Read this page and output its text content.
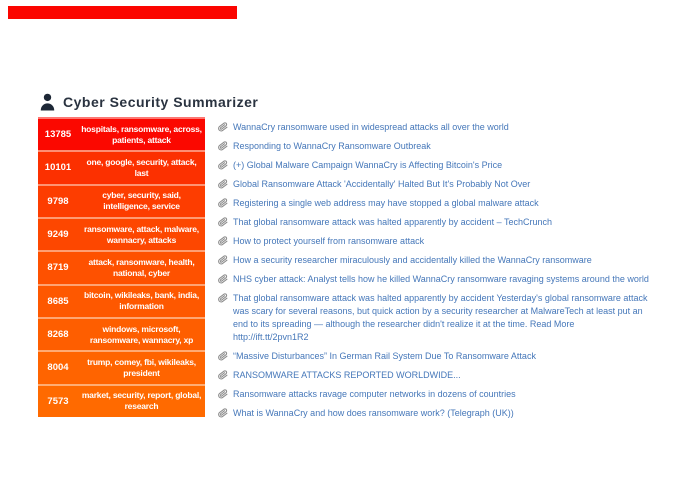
Cyber Security Summarizer
13785
hospitals, ransomware, across, patients, attack
10101
one, google, security, attack, last
9798
cyber, security, said, intelligence, service
9249
ransomware, attack, malware, wannacry, attacks
8719
attack, ransomware, health, national, cyber
8685
bitcoin, wikileaks, bank, india, information
8268
windows, microsoft, ransomware, wannacry, xp
8004
trump, comey, fbi, wikileaks, president
7573
market, security, report, global, research
WannaCry ransomware used in widespread attacks all over the world
Responding to WannaCry Ransomware Outbreak
(+) Global Malware Campaign WannaCry is Affecting Bitcoin's Price
Global Ransomware Attack 'Accidentally' Halted But It's Probably Not Over
Registering a single web address may have stopped a global malware attack
That global ransomware attack was halted apparently by accident – TechCrunch
How to protect yourself from ransomware attack
How a security researcher miraculously and accidentally killed the WannaCry ransomware
NHS cyber attack: Analyst tells how he killed WannaCry ransomware ravaging systems around the world
That global ransomware attack was halted apparently by accident Yesterday's global ransomware attack was scary for several reasons, but quick action by a security researcher at MalwareTech at least put an end to its spreading — although the researcher didn't realize it at the time. Read More http://ift.tt/2pvn1R2
“Massive Disturbances” In German Rail System Due To Ransomware Attack
RANSOMWARE ATTACKS REPORTED WORLDWIDE...
Ransomware attacks ravage computer networks in dozens of countries
What is WannaCry and how does ransomware work? (Telegraph (UK))
